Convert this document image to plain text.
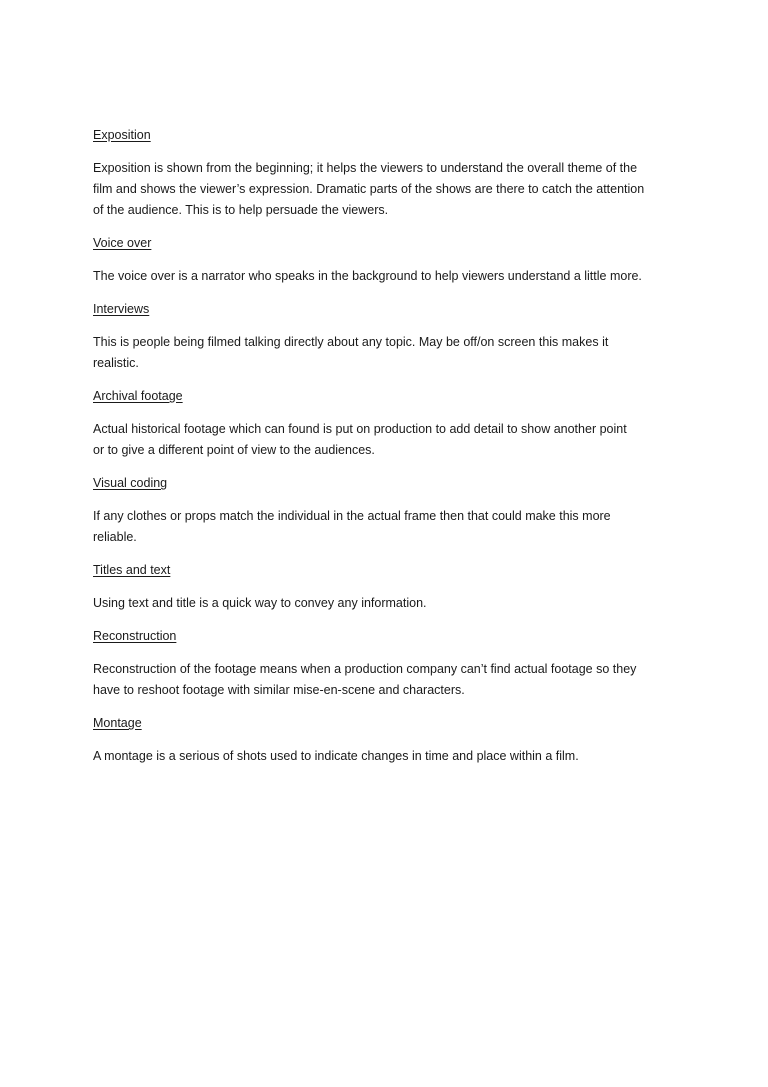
Exposition

Exposition is shown from the beginning; it helps the viewers to understand the overall theme of the
film and shows the viewer’s expression. Dramatic parts of the shows are there to catch the attention
of the audience. This is to help persuade the viewers.

Voice over

The voice over is a narrator who speaks in the background to help viewers understand a little more.

Interviews

This is people being filmed talking directly about any topic. May be off/on screen this makes it
realistic.

Archival footage

Actual historical footage which can found is put on production to add detail to show another point
or to give a different point of view to the audiences.

Visual coding

If any clothes or props match the individual in the actual frame then that could make this more
reliable.

Titles and text

Using text and title is a quick way to convey any information.

Reconstruction

Reconstruction of the footage means when a production company can’t find actual footage so they
have to reshoot footage with similar mise-en-scene and characters.

Montage

A montage is a serious of shots used to indicate changes in time and place within a film.
